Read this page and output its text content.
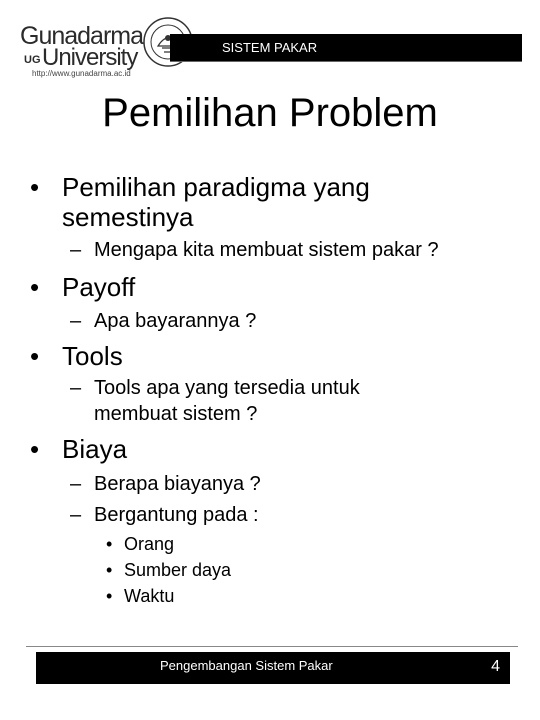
Gunadarma
UG University
http://www.gunadarma.ac.id
SISTEM PAKAR
Pemilihan Problem
• Pemilihan paradigma yang
semestinya
– Mengapa kita membuat sistem pakar ?
• Payoff
– Apa bayarannya ?
• Tools
– Tools apa yang tersedia untuk
membuat sistem ?
• Biaya
– Berapa biayanya ?
– Bergantung pada :
• Orang
• Sumber daya
• Waktu
Pengembangan Sistem Pakar	4
